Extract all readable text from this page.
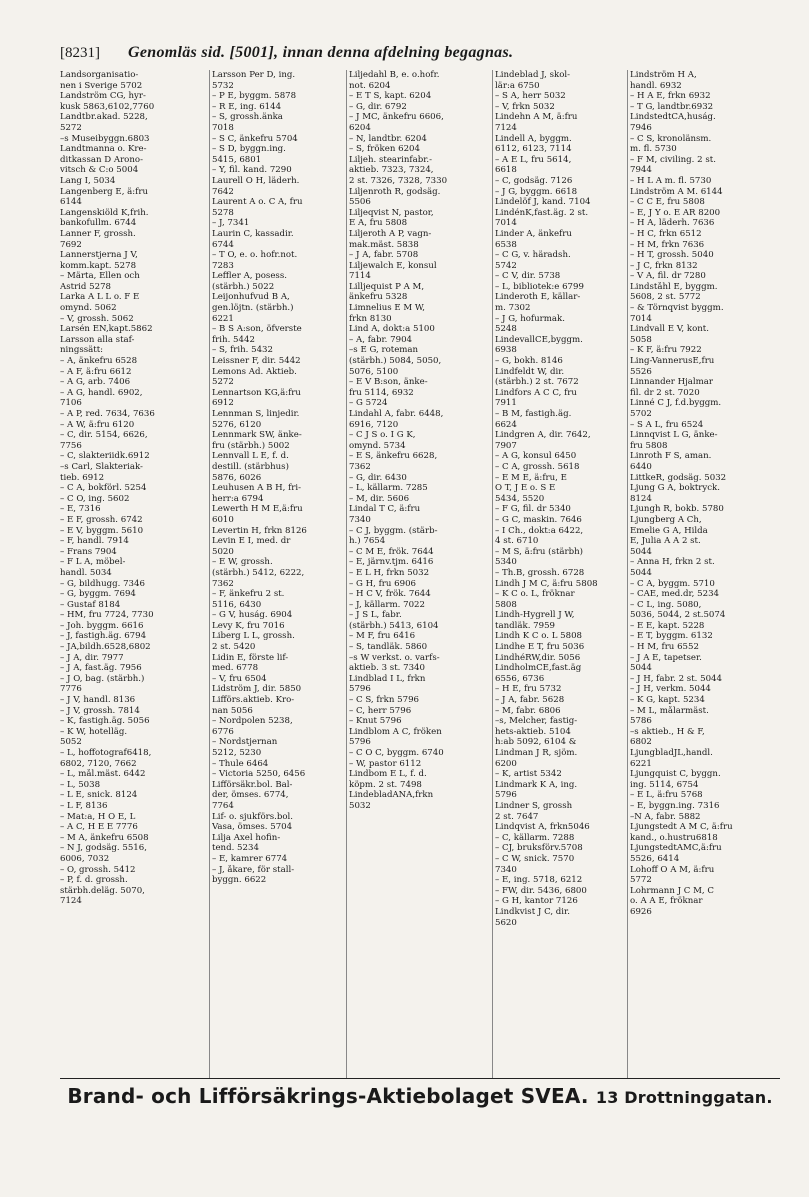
[8231] Genomläs sid. [5001], innan denna afdelning begagnas.
Landsorganisatio-
nen i Sverige 5702
Landström CG, hyr-
kusk 5863,6102,7760
Landtbr.akad. 5228,
5272
–s Museibyggn.6803
Landtmanna o. Kre-
ditkassan D Arono-
vitsch & C:o 5004
Lang I, 5034
Langenberg E, ä:fru
6144
Langenskiöld K,frih.
bankofullm. 6744
Lanner F, grossh.
7692
Lannerstjerna J V,
komm.kapt. 5278
– Märta, Ellen och
Astrid 5278
Larka A L L o. F E
omynd. 5062
– V, grossh. 5062
Larsén EN,kapt.5862
Larsson alla staf-
ningssätt:
– A, änkefru 6528
– A F, ä:fru 6612
– A G, arb. 7406
– A G, handl. 6902,
7106
– A P, red. 7634, 7636
– A W, ä:fru 6120
– C, dir. 5154, 6626,
7756
– C, slakteriidk.6912
–s Carl, Slakteriak-
tieb. 6912
– C A, bokförl. 5254
– C O, ing. 5602
– E, 7316
– E F, grossh. 6742
– E V, byggm. 5610
– F, handl. 7914
– Frans 7904
– F L A, möbel-
handl. 5034
– G, bildhugg. 7346
– G, byggm. 7694
– Gustaf 8184
– HM, fru 7724, 7730
– Joh. byggm. 6616
– J, fastigh.äg. 6794
– JA,bildh.6528,6802
– J A, dir. 7977
– J A, fast.äg. 7956
– J O, bag. (stärbh.)
7776
– J V, handl. 8136
– J V, grossh. 7814
– K, fastigh.äg. 5056
– K W, hotelläg.
5052
– L, hoffotograf6418,
6802, 7120, 7662
– L, mål.mäst. 6442
– L, 5038
– L E, snick. 8124
– L F, 8136
– Mat:a, H O E, L
– A C, H E E 7776
– M A, änkefru 6508
– N J, godsäg. 5516,
6006, 7032
– O, grossh. 5412
– P, f. d. grossh.
stärbh.deläg. 5070,
7124
Larsson Per D, ing.
5732
– P E, byggm. 5878
– R E, ing. 6144
– S, grossh.änka
7018
– S C, änkefru 5704
– S D, byggn.ing.
5415, 6801
– Y, fil. kand. 7290
Laurell O H, läderh.
7642
Laurent A o. C A, fru
5278
– J, 7341
Laurin C, kassadir.
6744
– T O, e. o. hofr.not.
7283
Leffler A, posess.
(stärbh.) 5022
Leijonhufvud B A,
gen.löjtn. (stärbh.)
6221
– B S A:son, öfverste
frih. 5442
– S, frih. 5432
Leissner F, dir. 5442
Lemons Ad. Aktieb.
5272
Lennartson KG,ä:fru
6912
Lennman S, linjedir.
5276, 6120
Lennmark SW, änke-
fru (stärbh.) 5002
Lennvall L E, f. d.
destill. (stärbhus)
5876, 6026
Leuhusen A B H, fri-
herr:a 6794
Lewerth H M E,ä:fru
6010
Levertin H, frkn 8126
Levin E I, med. dr
5020
– E W, grossh.
(stärbh.) 5412, 6222,
7362
– F, änkefru 2 st.
5116, 6430
– G V, huság. 6904
Levy K, fru 7016
Liberg L L, grossh.
2 st. 5420
Lidin E, förste lif-
med. 6778
– V, fru 6504
Lidström J, dir. 5850
Lifförs.aktieb. Kro-
nan 5056
– Nordpolen 5238,
6776
– Nordstjernan
5212, 5230
– Thule 6464
– Victoria 5250, 6456
Lifförsäkr.bol. Bal-
der, ömses. 6774,
7764
Lif- o. sjukförs.bol.
Vasa, ömses. 5704
Lilja Axel hofin-
tend. 5234
– E, kamrer 6774
– J, åkare, för stall-
byggn. 6622
Liljedahl B, e. o.hofr.
not. 6204
– E T S, kapt. 6204
– G, dir. 6792
– J MC, änkefru 6606,
6204
– N, landtbr. 6204
– S, fröken 6204
Liljeh. stearinfabr.-
aktieb. 7323, 7324,
2 st. 7326, 7328, 7330
Liljenroth R, godsäg.
5506
Liljeqvist N, pastor,
E A, fru 5808
Liljeroth A P, vagn-
mak.mäst. 5838
– J A, fabr. 5708
Liljewalch E, konsul
7114
Lilljequist P A M,
änkefru 5328
Limnelius E M W,
frkn 8130
Lind A, dokt:a 5100
– A, fabr. 7904
–s E G, roteman
(stärbh.) 5084, 5050,
5076, 5100
– E V B:son, änke-
fru 5114, 6932
– G 5724
Lindahl A, fabr. 6448,
6916, 7120
– C J S o. I G K,
omynd. 5734
– E S, änkefru 6628,
7362
– G, dir. 6430
– L, källarm. 7285
– M, dir. 5606
Lindal T C, ä:fru
7340
– C J, byggm. (stärb-
h.) 7654
– C M E, frök. 7644
– E, järnv.tjm. 6416
– E L H, frkn 5032
– G H, fru 6906
– H C V, frök. 7644
– J, källarm. 7022
– J S L, fabr.
(stärbh.) 5413, 6104
– M F, fru 6416
– S, tandläk. 5860
–s W verkst. o. varfs-
aktieb. 3 st. 7340
Lindblad I L, frkn
5796
– C S, frkn 5796
– C, herr 5796
– Knut 5796
Lindblom A C, fröken
5796
– C O C, byggm. 6740
– W, pastor 6112
Lindbom E L, f. d.
köpm. 2 st. 7498
LindebladANA,frkn
5032
Lindeblad J, skol-
lär:a 6750
– S A, herr 5032
– V, frkn 5032
Lindehn A M, ä:fru
7124
Lindell A, byggm.
6112, 6123, 7114
– A E L, fru 5614,
6618
– C, godsäg. 7126
– J G, byggm. 6618
Lindelöf J, kand. 7104
LindénK,fast.äg. 2 st.
7014
Linder A, änkefru
6538
– C G, v. häradsh.
5742
– C V, dir. 5738
– L, bibliotek:e 6799
Linderoth E, källar-
m. 7302
– J G, hofurmak.
5248
LindevallCE,byggm.
6938
– G, bokh. 8146
Lindfeldt W, dir.
(stärbh.) 2 st. 7672
Lindfors A C C, fru
7911
– B M, fastigh.äg.
6624
Lindgren A, dir. 7642,
7907
– A G, konsul 6450
– C A, grossh. 5618
– E M E, ä:fru, E
O T, J E o. S E
5434, 5520
– F G, fil. dr 5340
– G C, maskin. 7646
– I Ch., dokt:a 6422,
4 st. 6710
– M S, ä:fru (stärbh)
5340
– Th.B, grossh. 6728
Lindh J M C, ä:fru 5808
– K C o. L, fröknar
5808
Lindh-Hygrell J W,
tandläk. 7959
Lindh K C o. L 5808
Lindhe E T, fru 5036
LindhéRW,dir. 5056
LindholmCE,fast.äg
6556, 6736
– H E, fru 5732
– J A, fabr. 5628
– M, fabr. 6806
–s, Melcher, fastig-
hets-aktieb. 5104
h:ab 5092, 6104 &
Lindman J R, sjöm.
6200
– K, artist 5342
Lindmark K A, ing.
5796
Lindner S, grossh
2 st. 7647
Lindqvist A, frkn5046
– C, källarm. 7288
– CJ, bruksförv.5708
– C W, snick. 7570
7340
– E, ing. 5718, 6212
– FW, dir. 5436, 6800
– G H, kantor 7126
Lindkvist J C, dir.
5620
Lindström H A,
handl. 6932
– H A E, frkn 6932
– T G, landtbr.6932
LindstedtCA,huság.
7946
– C S, kronolänsm.
m. fl. 5730
– F M, civiling. 2 st.
7944
– H L A m. fl. 5730
Lindström A M. 6144
– C C E, fru 5808
– E, J Y o. E AR 8200
– H A, läderh. 7636
– H C, frkn 6512
– H M, frkn 7636
– H T, grossh. 5040
– J C, frkn 8132
– V A, fil. dr 7280
Lindståhl E, byggm.
5608, 2 st. 5772
– & Törnqvist byggm.
7014
Lindvall E V, kont.
5058
– K F, ä:fru 7922
Ling-VannerusE,fru
5526
Linnander Hjalmar
fil. dr 2 st. 7020
Linné C J, f.d.byggm.
5702
– S A L, fru 6524
Linnqvist L G, änke-
fru 5808
Linroth F S, aman.
6440
LittkeR, godsäg. 5032
Ljung G A, boktryck.
8124
Ljungh R, bokb. 5780
Ljungberg A Ch,
Emelie G A, Hilda
E, Julia A A 2 st.
5044
– Anna H, frkn 2 st.
5044
– C A, byggm. 5710
– CAE, med.dr, 5234
– C L, ing. 5080,
5036, 5044, 2 st.5074
– E E, kapt. 5228
– E T, byggm. 6132
– H M, fru 6552
– J A E, tapetser.
5044
– J H, fabr. 2 st. 5044
– J H, verkm. 5044
– K G, kapt. 5234
– M L, målarmäst.
5786
–s aktieb., H & F,
6802
LjungbladJL,handl.
6221
Ljungquist C, byggn.
ing. 5114, 6754
– E L, ä:fru 5768
– E, byggn.ing. 7316
–N A, fabr. 5882
Ljungstedt A M C, ä:fru
kand., o.hustru6818
LjungstedtAMC,ä:fru
5526, 6414
Lohoff O A M, ä:fru
5772
Lohrmann J C M, C
o. A A E, fröknar
6926
Brand- och Lifförsäkrings-Aktiebolaget SVEA. 13 Drottninggatan.
